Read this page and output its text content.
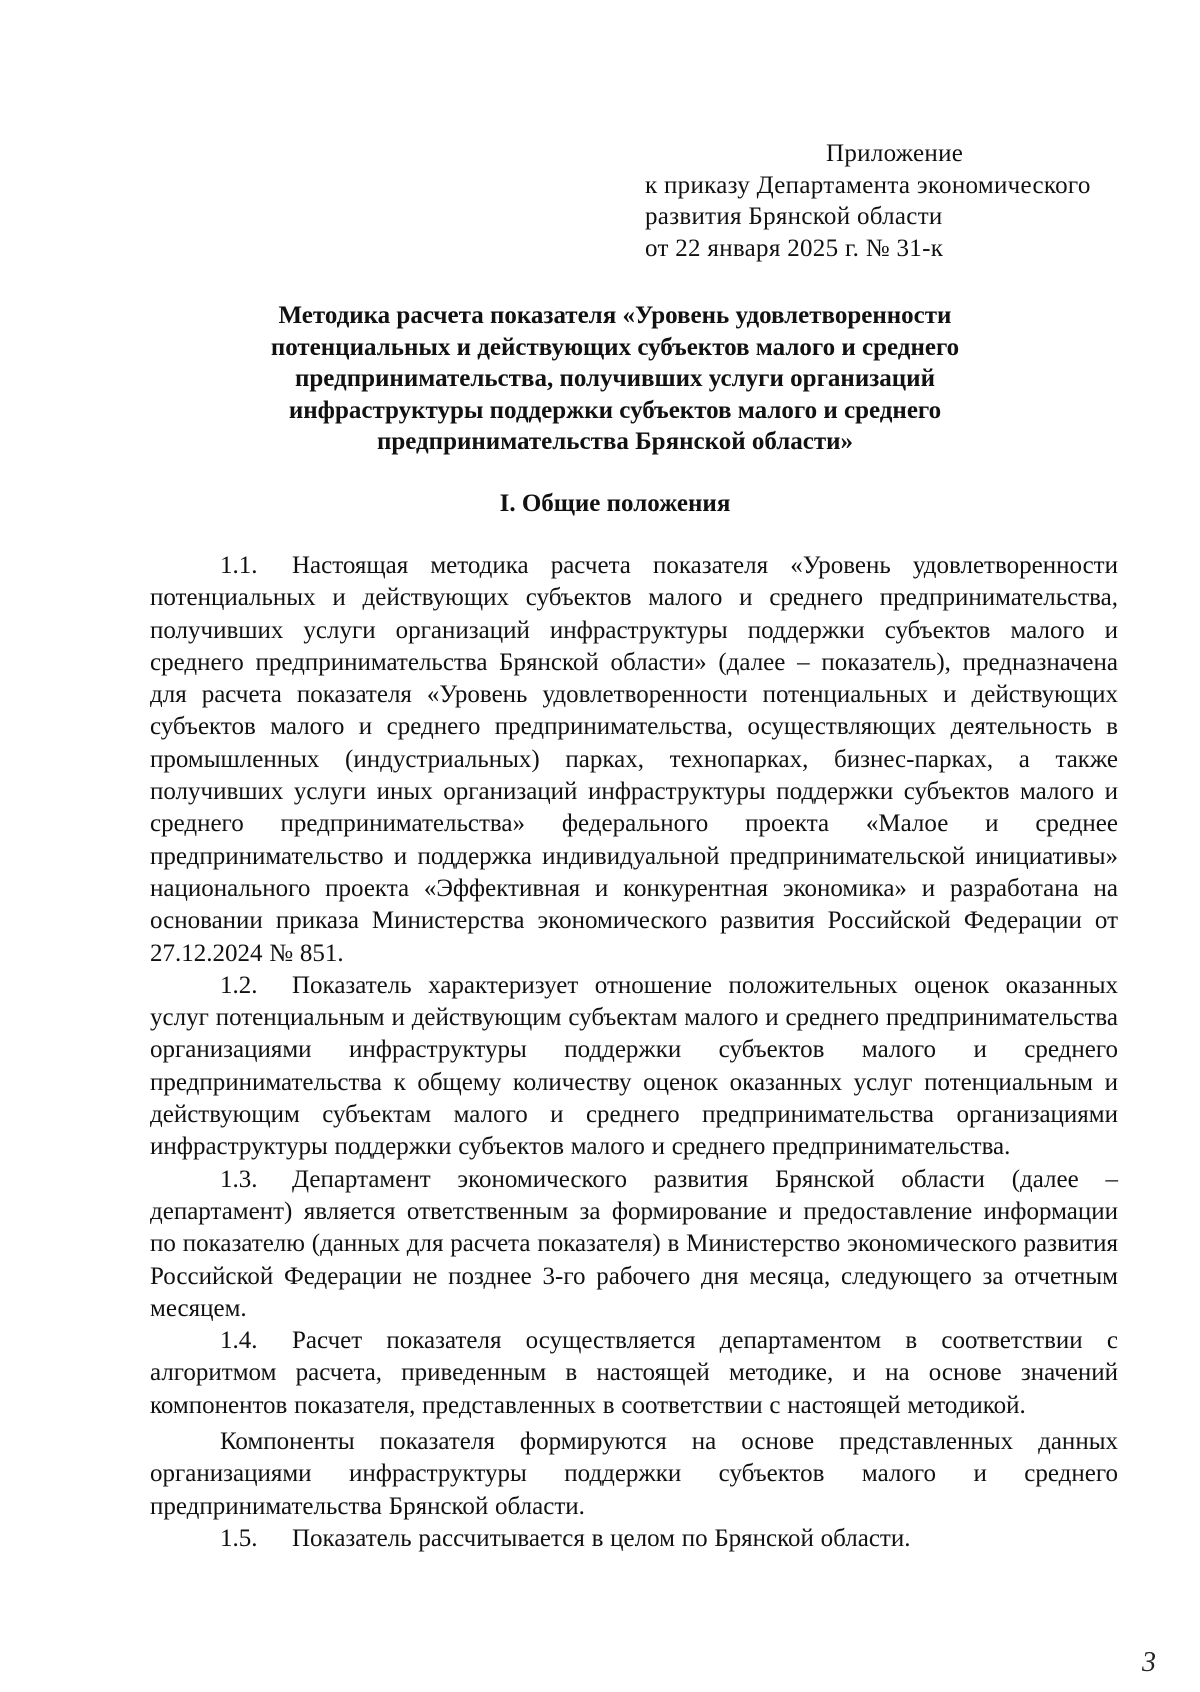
Приложение
к приказу Департамента экономического
развития Брянской области
от 22 января 2025 г. № 31-к
Методика расчета показателя «Уровень удовлетворенности
потенциальных и действующих субъектов малого и среднего
предпринимательства, получивших услуги организаций
инфраструктуры поддержки субъектов малого и среднего
предпринимательства Брянской области»
I. Общие положения

1.1. Настоящая методика расчета показателя «Уровень удовлетворенности потенциальных и действующих субъектов малого и среднего предпринимательства, получивших услуги организаций инфраструктуры поддержки субъектов малого и среднего предпринимательства Брянской области» (далее – показатель), предназначена для расчета показателя «Уровень удовлетворенности потенциальных и действующих субъектов малого и среднего предпринимательства, осуществляющих деятельность в промышленных (индустриальных) парках, технопарках, бизнес-парках, а также получивших услуги иных организаций инфраструктуры поддержки субъектов малого и среднего предпринимательства» федерального проекта «Малое и среднее предпринимательство и поддержка индивидуальной предпринимательской инициативы» национального проекта «Эффективная и конкурентная экономика» и разработана на основании приказа Министерства экономического развития Российской Федерации от 27.12.2024 № 851.

1.2. Показатель характеризует отношение положительных оценок оказанных услуг потенциальным и действующим субъектам малого и среднего предпринимательства организациями инфраструктуры поддержки субъектов малого и среднего предпринимательства к общему количеству оценок оказанных услуг потенциальным и действующим субъектам малого и среднего предпринимательства организациями инфраструктуры поддержки субъектов малого и среднего предпринимательства.

1.3. Департамент экономического развития Брянской области (далее – департамент) является ответственным за формирование и предоставление информации по показателю (данных для расчета показателя) в Министерство экономического развития Российской Федерации не позднее 3-го рабочего дня месяца, следующего за отчетным месяцем.

1.4. Расчет показателя осуществляется департаментом в соответствии с алгоритмом расчета, приведенным в настоящей методике, и на основе значений компонентов показателя, представленных в соответствии с настоящей методикой.

Компоненты показателя формируются на основе представленных данных организациями инфраструктуры поддержки субъектов малого и среднего предпринимательства Брянской области.

1.5. Показатель рассчитывается в целом по Брянской области.

3
